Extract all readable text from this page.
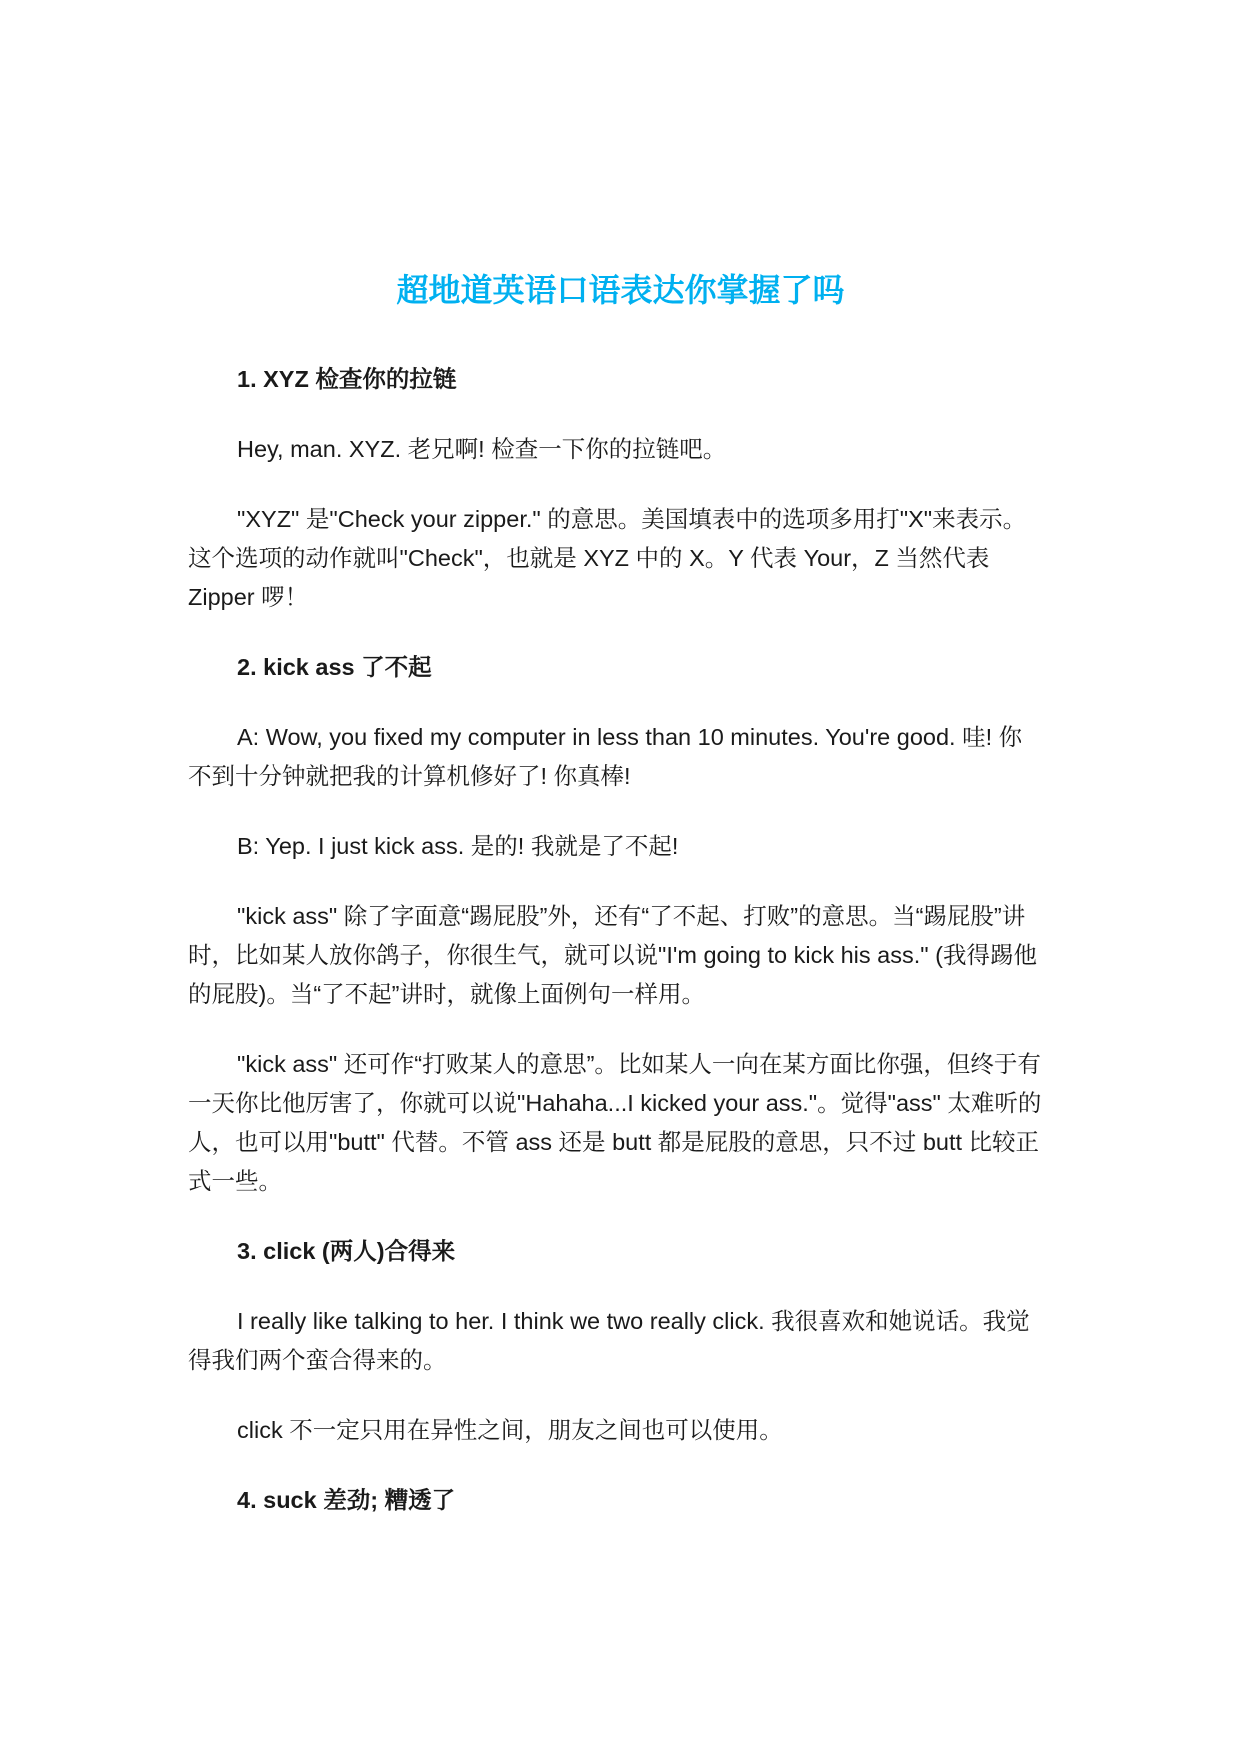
超地道英语口语表达你掌握了吗

1. XYZ 检查你的拉链

Hey, man. XYZ. 老兄啊! 检查一下你的拉链吧。

"XYZ" 是"Check your zipper." 的意思。美国填表中的选项多用打"X"来表示。这个选项的动作就叫"Check"，也就是 XYZ 中的 X。Y 代表 Your，Z 当然代表 Zipper 啰！

2. kick ass 了不起

A: Wow, you fixed my computer in less than 10 minutes. You're good. 哇! 你不到十分钟就把我的计算机修好了! 你真棒!

B: Yep. I just kick ass. 是的! 我就是了不起!

"kick ass" 除了字面意“踢屁股”外，还有“了不起、打败”的意思。当“踢屁股”讲时，比如某人放你鸽子，你很生气，就可以说"I'm going to kick his ass." (我得踢他的屁股)。当“了不起”讲时，就像上面例句一样用。

"kick ass" 还可作“打败某人的意思”。比如某人一向在某方面比你强，但终于有一天你比他厉害了，你就可以说"Hahaha...I kicked your ass."。觉得"ass" 太难听的人，也可以用"butt" 代替。不管 ass 还是 butt 都是屁股的意思，只不过 butt 比较正式一些。

3. click (两人)合得来

I really like talking to her. I think we two really click. 我很喜欢和她说话。我觉得我们两个蛮合得来的。

click 不一定只用在异性之间，朋友之间也可以使用。

4. suck 差劲; 糟透了
